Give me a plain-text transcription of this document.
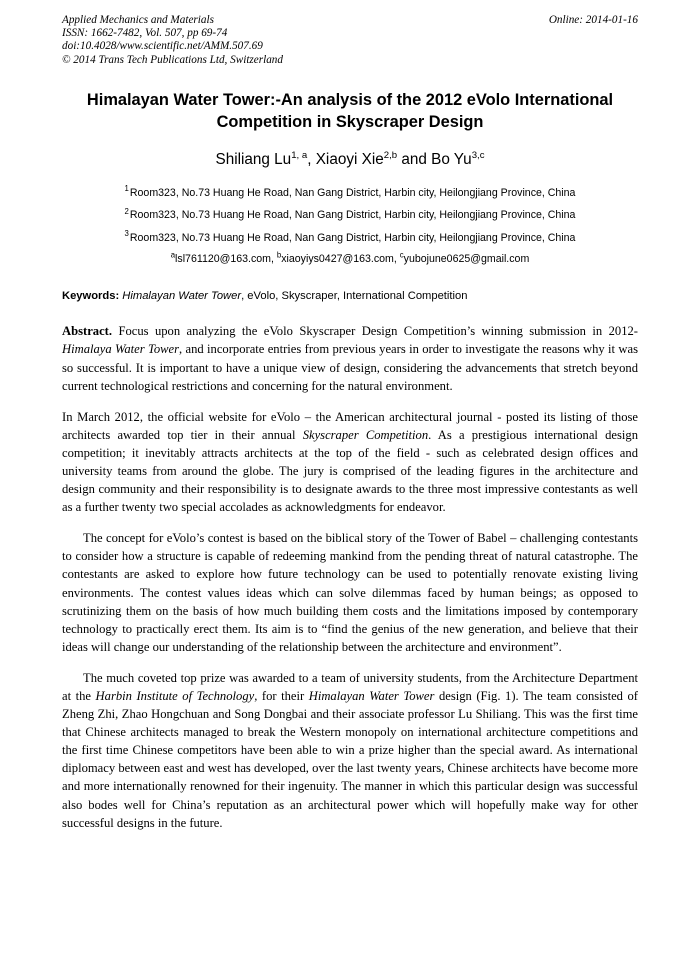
Applied Mechanics and Materials
ISSN: 1662-7482, Vol. 507, pp 69-74
doi:10.4028/www.scientific.net/AMM.507.69
© 2014 Trans Tech Publications Ltd, Switzerland
Online: 2014-01-16
Himalayan Water Tower:-An analysis of the 2012 eVolo International Competition in Skyscraper Design
Shiliang Lu$^{1, a}$, Xiaoyi Xie$^{2,b}$ and Bo Yu$^{3,c}$
$^1$Room323, No.73 Huang He Road, Nan Gang District, Harbin city, Heilongjiang Province, China
$^2$Room323, No.73 Huang He Road, Nan Gang District, Harbin city, Heilongjiang Province, China
$^3$Room323, No.73 Huang He Road, Nan Gang District, Harbin city, Heilongjiang Province, China
$^a$lsl761120@163.com, $^b$xiaoyiys0427@163.com, $^c$yubojune0625@gmail.com
Keywords: Himalayan Water Tower, eVolo, Skyscraper, International Competition

Abstract. Focus upon analyzing the eVolo Skyscraper Design Competition’s winning submission in 2012-Himalaya Water Tower, and incorporate entries from previous years in order to investigate the reasons why it was so successful. It is important to have a unique view of design, considering the advancements that stretch beyond current technological restrictions and concerning for the natural environment.

In March 2012, the official website for eVolo – the American architectural journal - posted its listing of those architects awarded top tier in their annual Skyscraper Competition. As a prestigious international design competition; it inevitably attracts architects at the top of the field - such as celebrated design offices and university teams from around the globe. The jury is comprised of the leading figures in the architecture and design community and their responsibility is to designate awards to the three most impressive contestants as well as a further twenty two special accolades as acknowledgments for endeavor.

The concept for eVolo’s contest is based on the biblical story of the Tower of Babel – challenging contestants to consider how a structure is capable of redeeming mankind from the pending threat of natural catastrophe. The contestants are asked to explore how future technology can be used to potentially renovate existing living environments. The contest values ideas which can solve dilemmas faced by human beings; as opposed to scrutinizing them on the basis of how much building them costs and the limitations imposed by contemporary technology to practically erect them. Its aim is to “find the genius of the new generation, and believe that their ideas will change our understanding of the relationship between the architecture and environment”.

The much coveted top prize was awarded to a team of university students, from the Architecture Department at the Harbin Institute of Technology, for their Himalayan Water Tower design (Fig. 1). The team consisted of Zheng Zhi, Zhao Hongchuan and Song Dongbai and their associate professor Lu Shiliang. This was the first time that Chinese architects managed to break the Western monopoly on international architecture competitions and the first time Chinese competitors have been able to win a prize higher than the special award. As international diplomacy between east and west has developed, over the last twenty years, Chinese architects have become more and more internationally renowned for their ingenuity. The manner in which this particular design was successful also bodes well for China’s reputation as an architectural power which will hopefully make way for other successful designs in the future.
